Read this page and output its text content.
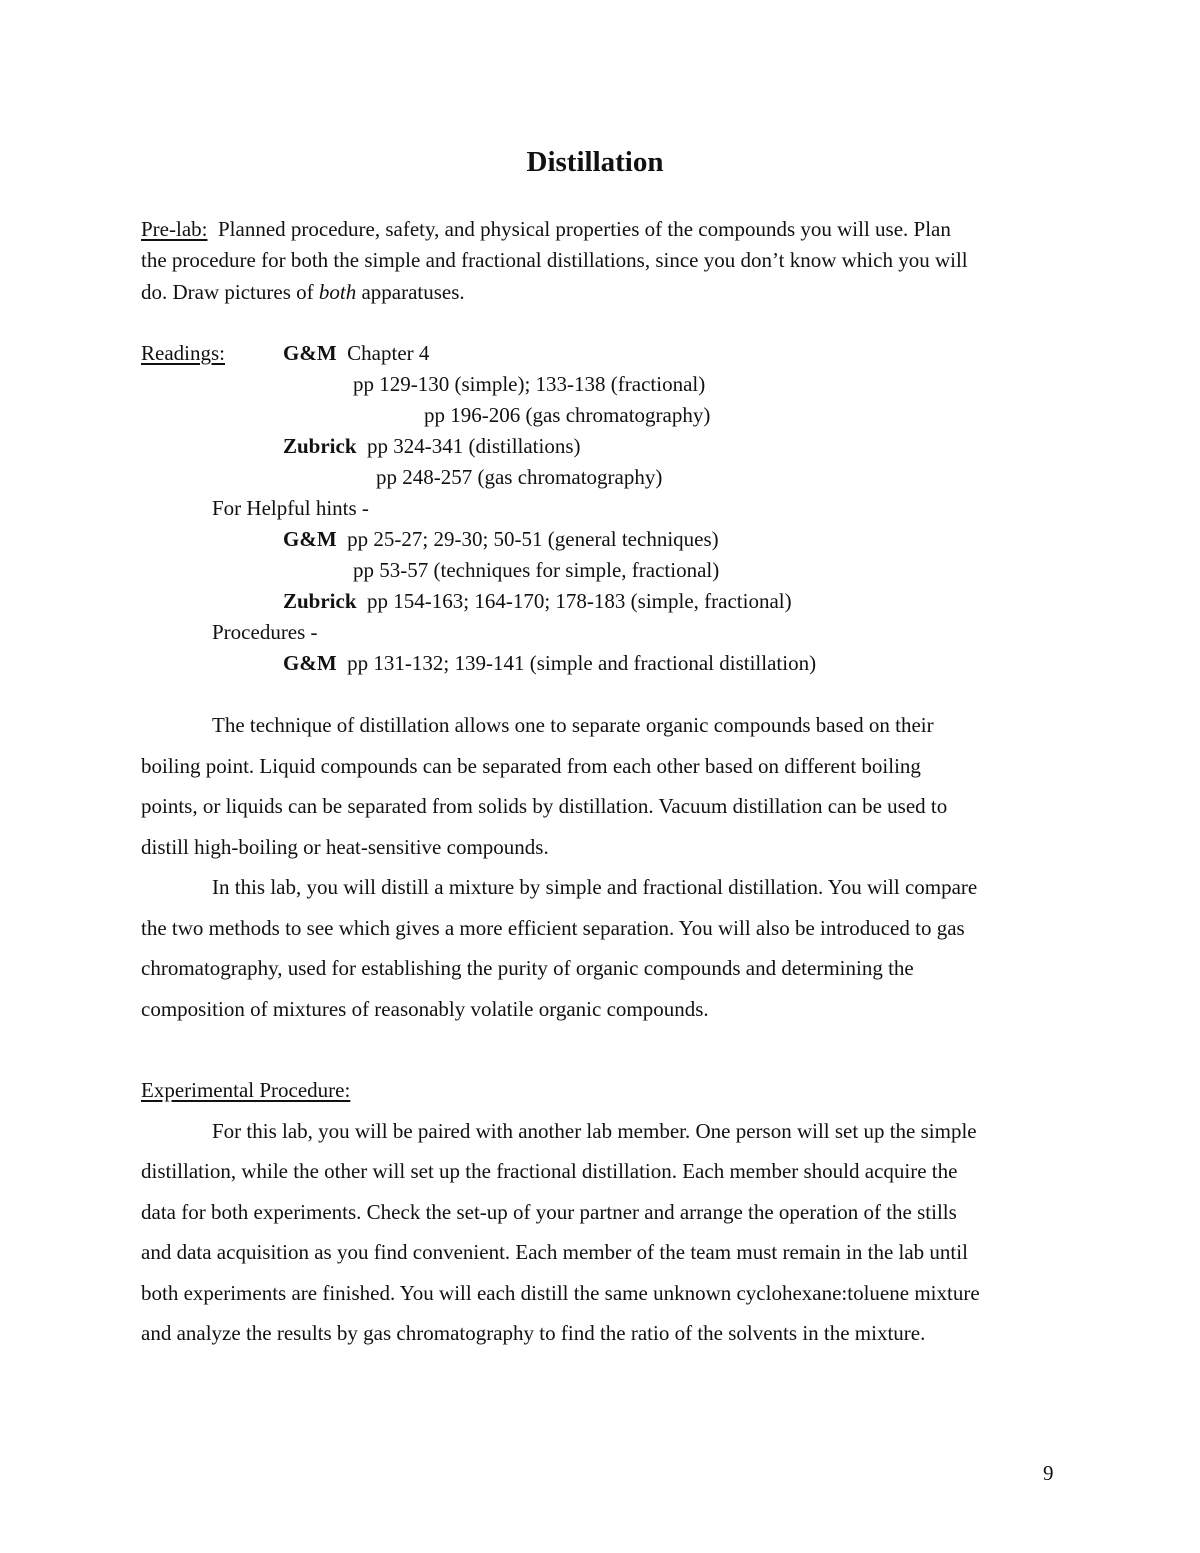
Distillation
Pre-lab: Planned procedure, safety, and physical properties of the compounds you will use. Plan
the procedure for both the simple and fractional distillations, since you don’t know which you will
do. Draw pictures of both apparatuses.
Readings:	G&M Chapter 4
pp 129-130 (simple); 133-138 (fractional)
pp 196-206 (gas chromatography)
Zubrick pp 324-341 (distillations)
pp 248-257 (gas chromatography)
For Helpful hints -
G&M pp 25-27; 29-30; 50-51 (general techniques)
pp 53-57 (techniques for simple, fractional)
Zubrick pp 154-163; 164-170; 178-183 (simple, fractional)
Procedures -
G&M pp 131-132; 139-141 (simple and fractional distillation)
The technique of distillation allows one to separate organic compounds based on their
boiling point. Liquid compounds can be separated from each other based on different boiling
points, or liquids can be separated from solids by distillation. Vacuum distillation can be used to
distill high-boiling or heat-sensitive compounds.
In this lab, you will distill a mixture by simple and fractional distillation. You will compare
the two methods to see which gives a more efficient separation. You will also be introduced to gas
chromatography, used for establishing the purity of organic compounds and determining the
composition of mixtures of reasonably volatile organic compounds.
Experimental Procedure:
For this lab, you will be paired with another lab member. One person will set up the simple
distillation, while the other will set up the fractional distillation. Each member should acquire the
data for both experiments. Check the set-up of your partner and arrange the operation of the stills
and data acquisition as you find convenient. Each member of the team must remain in the lab until
both experiments are finished. You will each distill the same unknown cyclohexane:toluene mixture
and analyze the results by gas chromatography to find the ratio of the solvents in the mixture.
9
